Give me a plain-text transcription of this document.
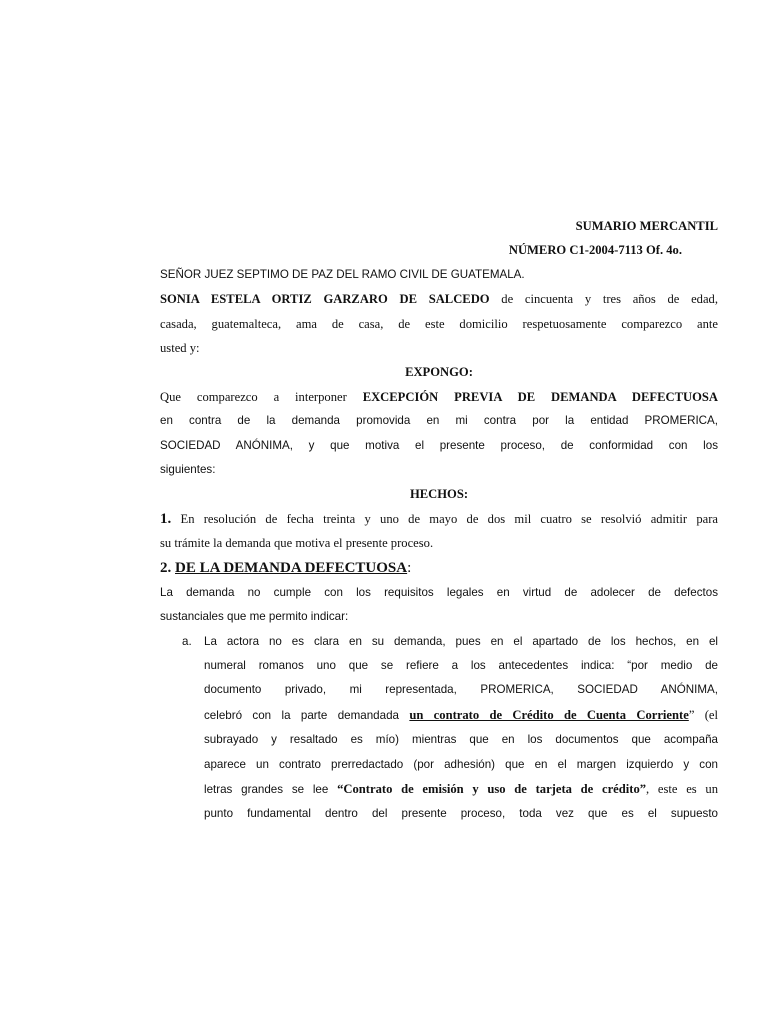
SUMARIO MERCANTIL
NÚMERO C1-2004-7113 Of. 4o.
SEÑOR JUEZ SEPTIMO DE PAZ DEL RAMO CIVIL DE GUATEMALA.
SONIA ESTELA ORTIZ GARZARO DE SALCEDO de cincuenta y tres años de edad,
casada, guatemalteca, ama de casa, de este domicilio respetuosamente comparezco ante
usted y:
EXPONGO:
Que comparezco a interponer EXCEPCIÓN PREVIA DE DEMANDA DEFECTUOSA
en contra de la demanda promovida en mi contra por la entidad PROMERICA,
SOCIEDAD ANÓNIMA, y que motiva el presente proceso, de conformidad con los
siguientes:
HECHOS:
1. En resolución de fecha treinta y uno de mayo de dos mil cuatro se resolvió admitir para
su trámite la demanda que motiva el presente proceso.
2. DE LA DEMANDA DEFECTUOSA:
La demanda no cumple con los requisitos legales en virtud de adolecer de defectos
sustanciales que me permito indicar:
a. La actora no es clara en su demanda, pues en el apartado de los hechos, en el
numeral romanos uno que se refiere a los antecedentes indica: “por medio de
documento privado, mi representada, PROMERICA, SOCIEDAD ANÓNIMA,
celebró con la parte demandada un contrato de Crédito de Cuenta Corriente” (el
subrayado y resaltado es mío) mientras que en los documentos que acompaña
aparece un contrato prerredactado (por adhesión) que en el margen izquierdo y con
letras grandes se lee “Contrato de emisión y uso de tarjeta de crédito”, este es un
punto fundamental dentro del presente proceso, toda vez que es el supuesto
